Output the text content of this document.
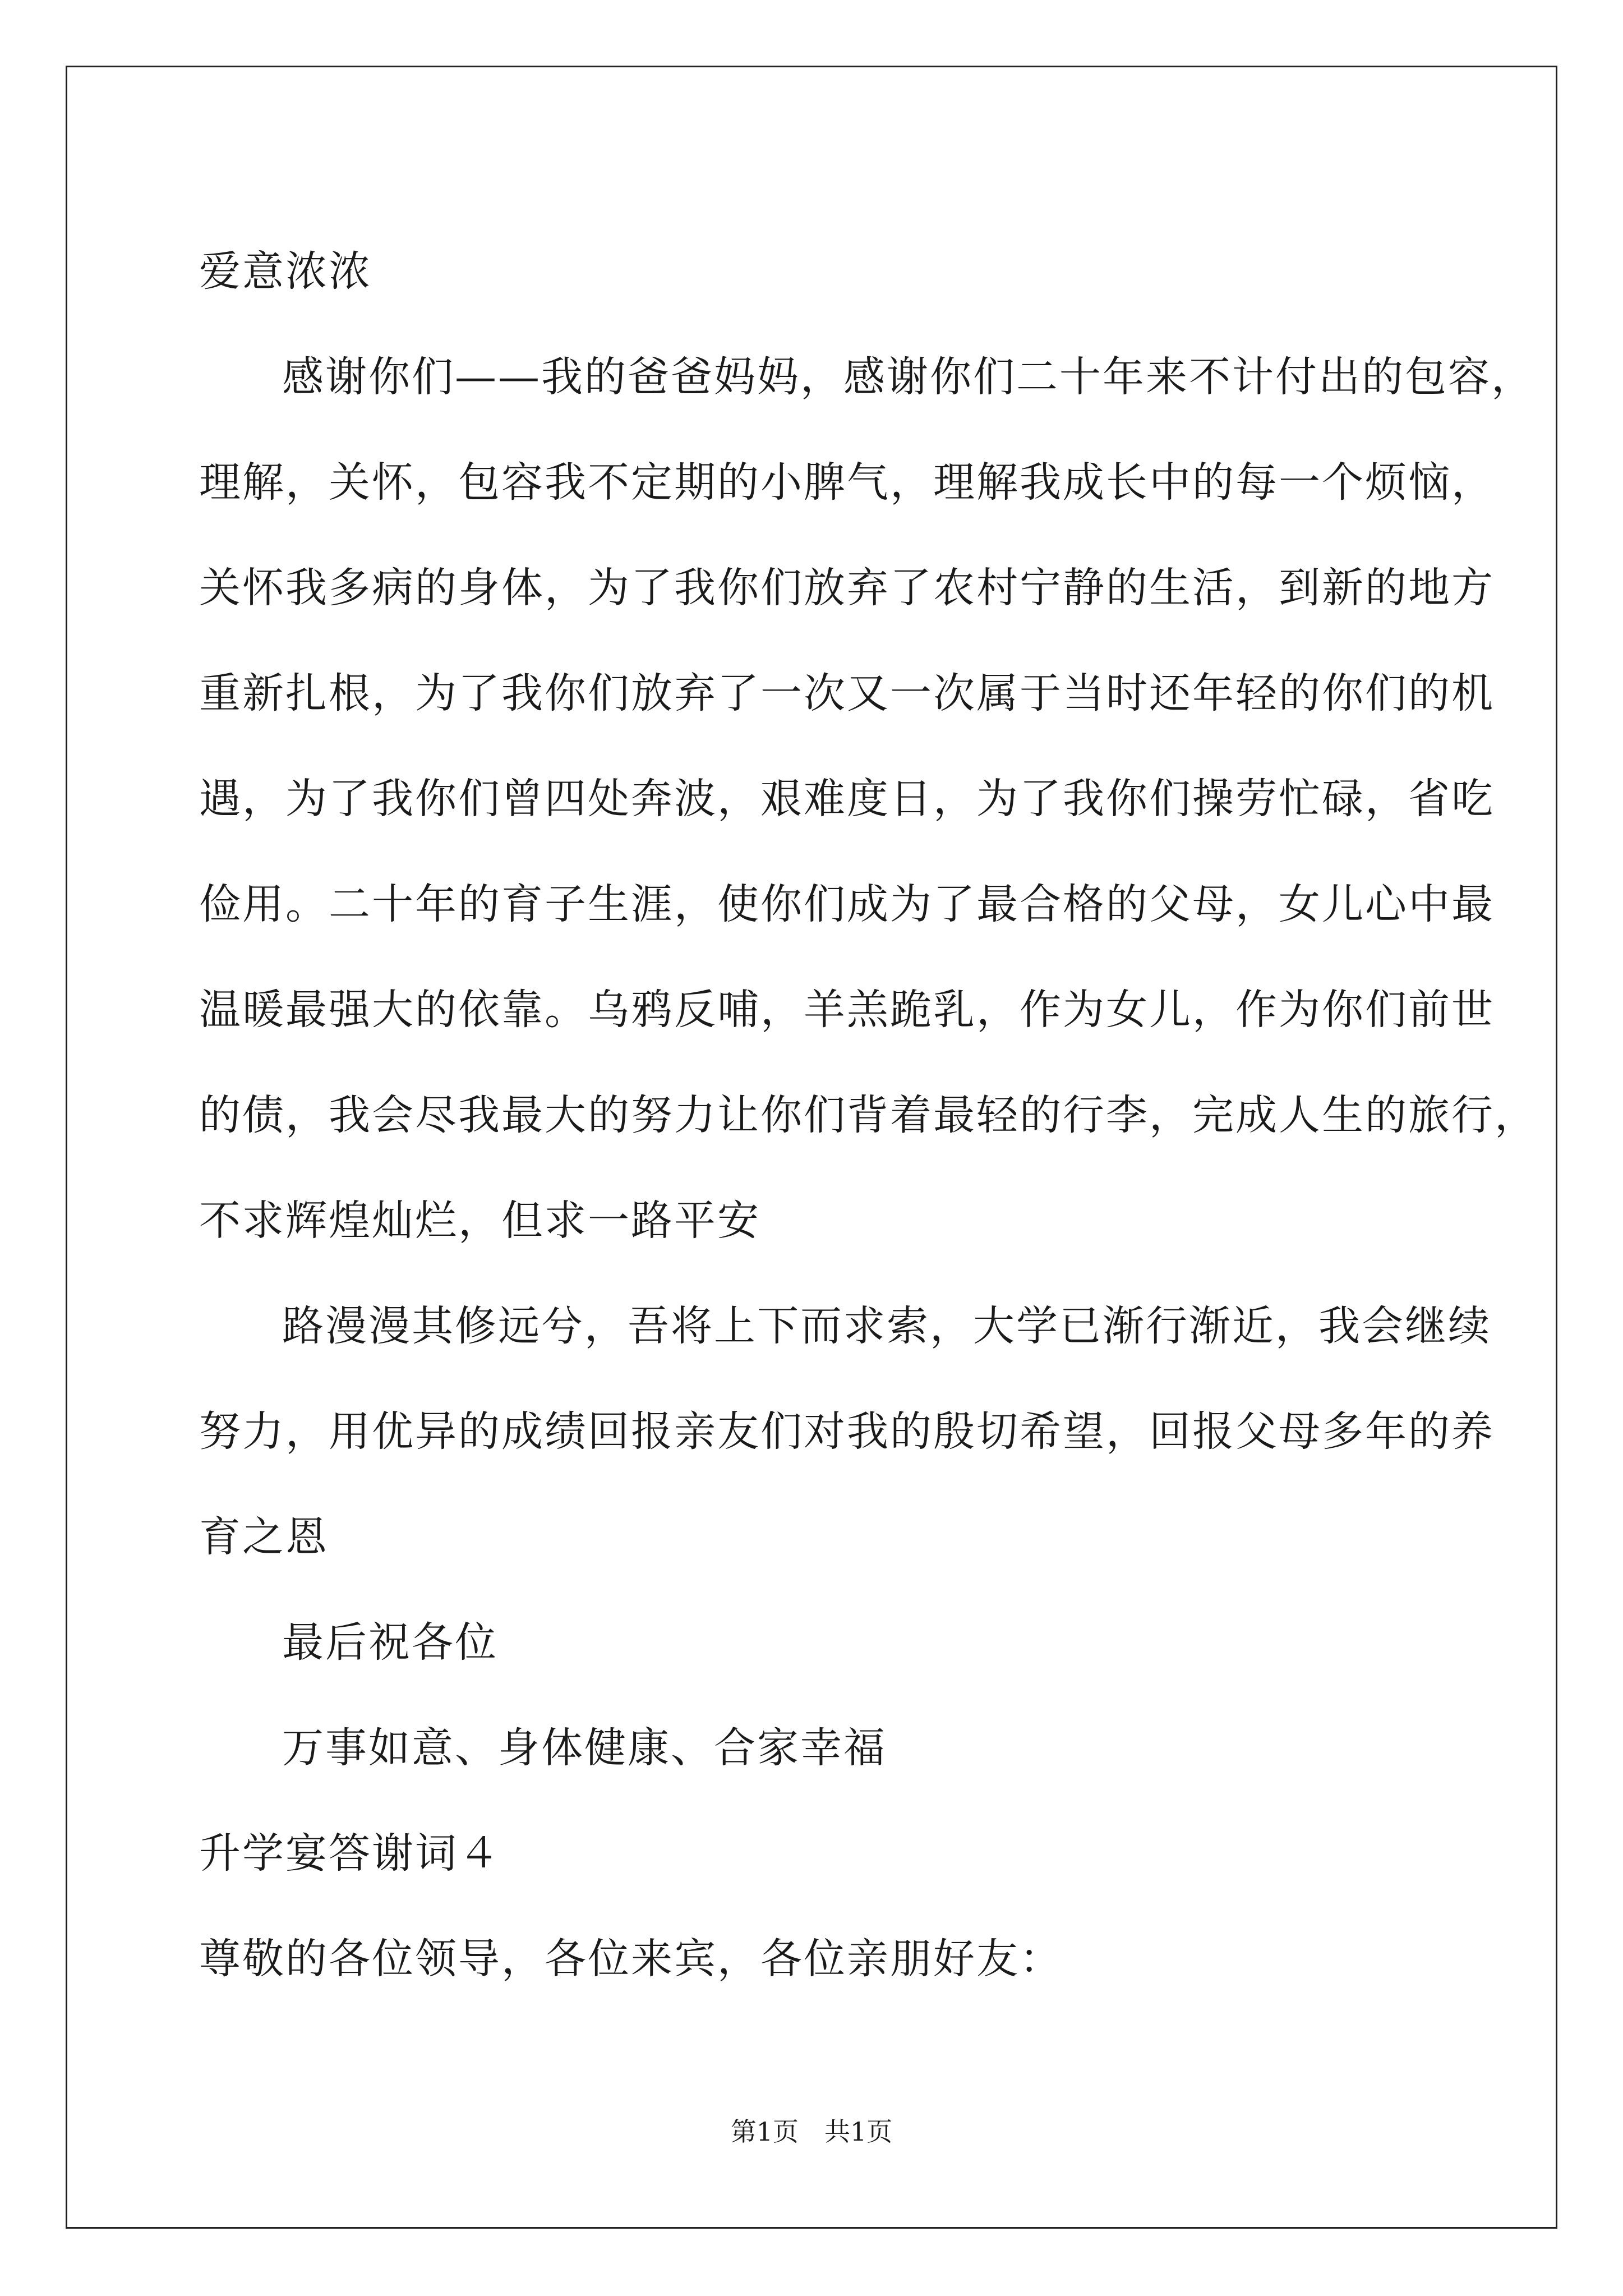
爱意浓浓
感谢你们——我的爸爸妈妈，感谢你们二十年来不计付出的包容，
理解，关怀，包容我不定期的小脾气，理解我成长中的每一个烦恼，
关怀我多病的身体，为了我你们放弃了农村宁静的生活，到新的地方
重新扎根，为了我你们放弃了一次又一次属于当时还年轻的你们的机
遇，为了我你们曾四处奔波，艰难度日，为了我你们操劳忙碌，省吃
俭用。二十年的育子生涯，使你们成为了最合格的父母，女儿心中最
温暖最强大的依靠。乌鸦反哺，羊羔跪乳，作为女儿，作为你们前世
的债，我会尽我最大的努力让你们背着最轻的行李，完成人生的旅行，
不求辉煌灿烂，但求一路平安
路漫漫其修远兮，吾将上下而求索，大学已渐行渐近，我会继续
努力，用优异的成绩回报亲友们对我的殷切希望，回报父母多年的养
育之恩
最后祝各位
万事如意、身体健康、合家幸福
升学宴答谢词４
尊敬的各位领导，各位来宾，各位亲朋好友：
第1页 共1页
